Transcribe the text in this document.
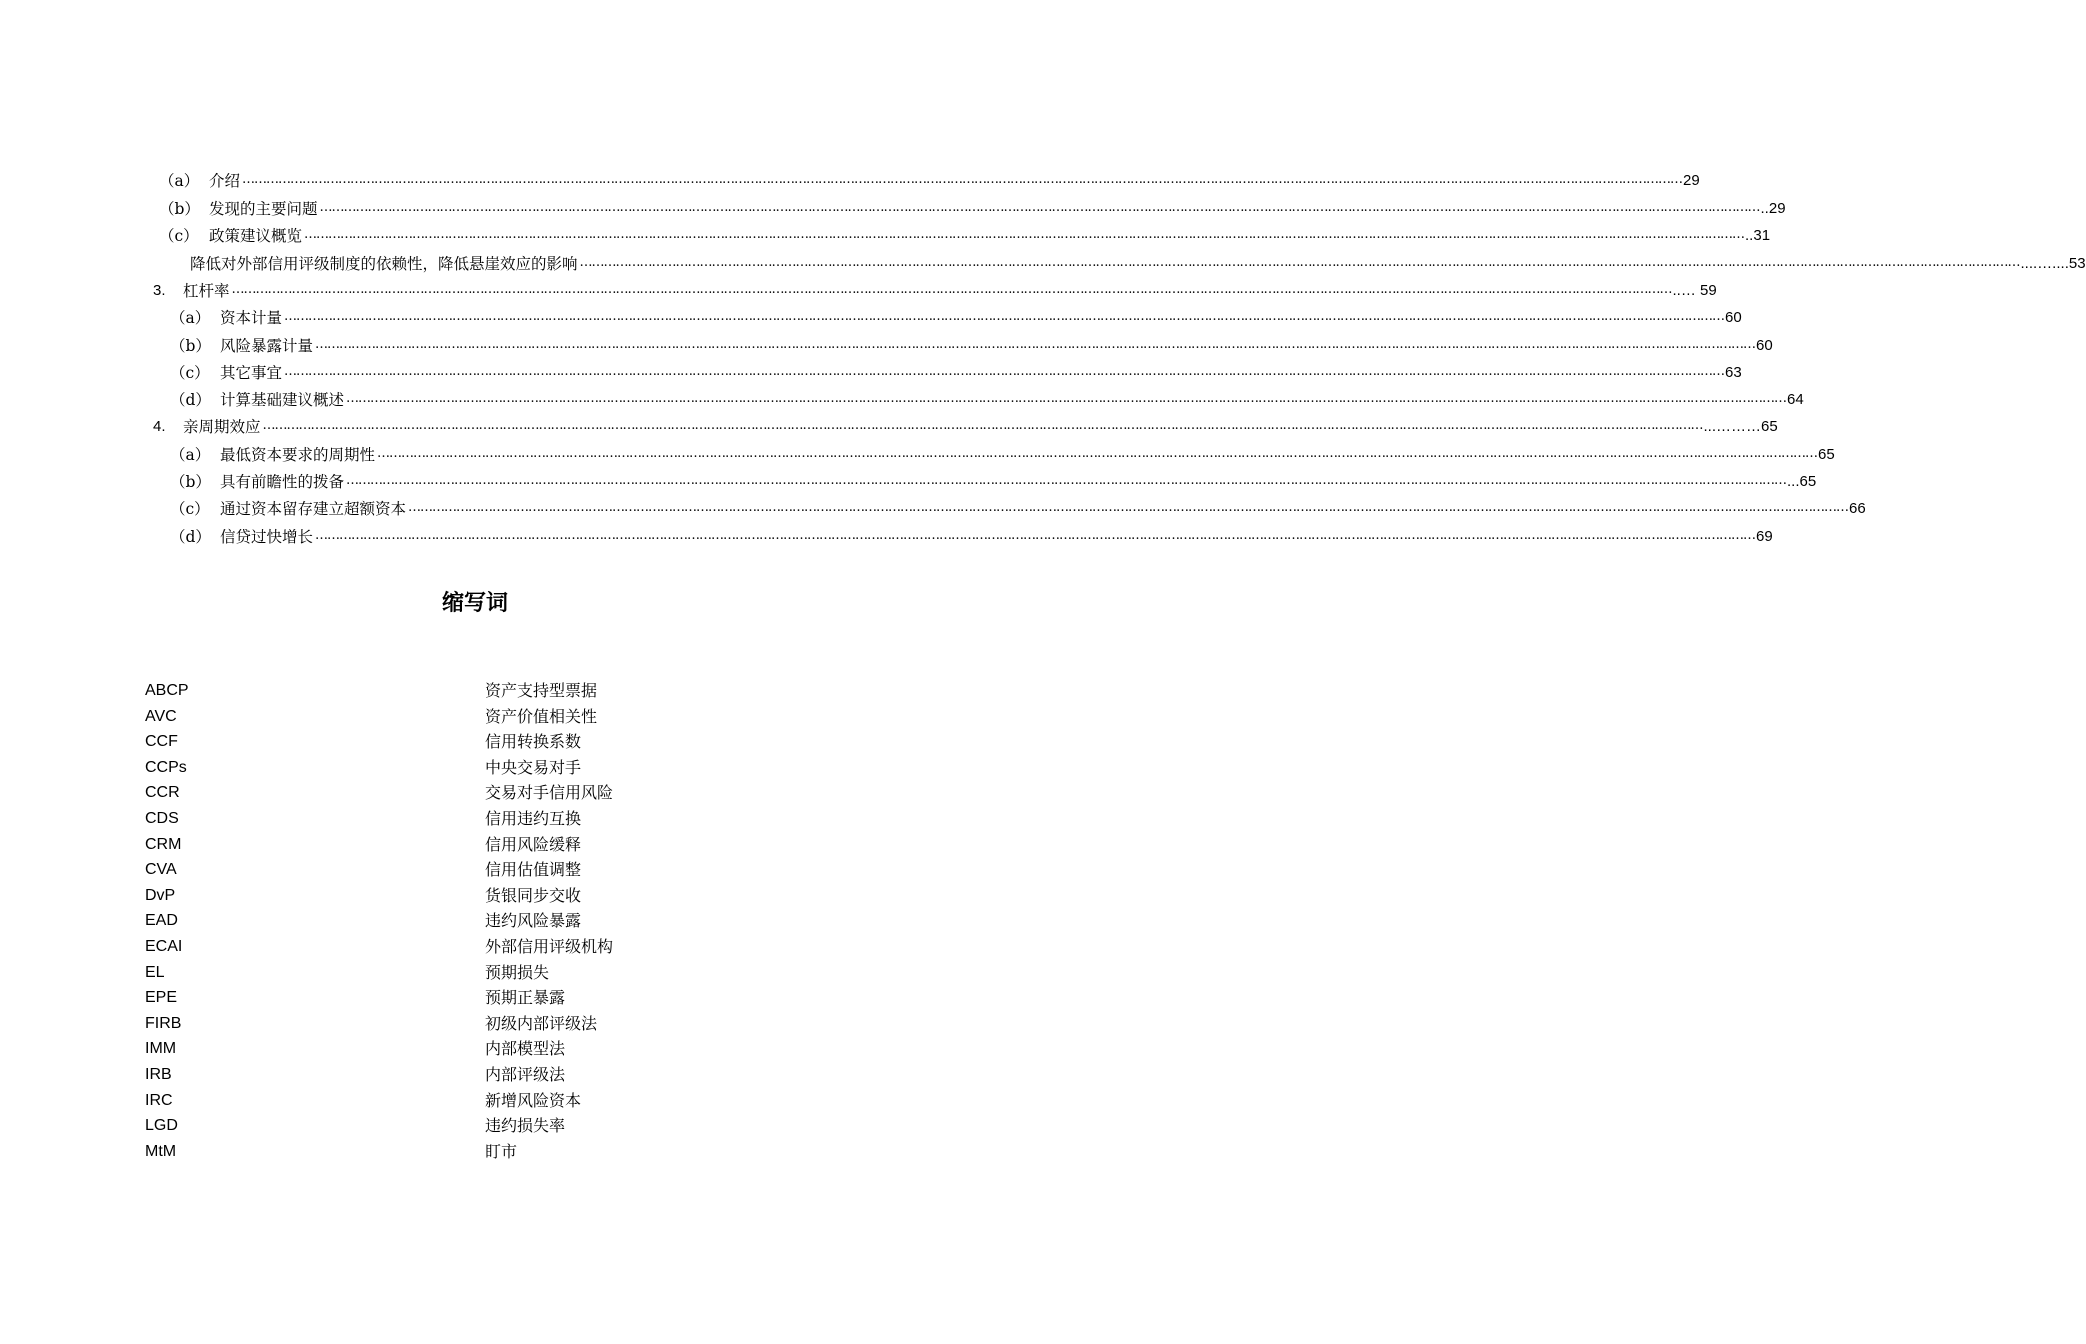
（a） 介绍 ……………………………………………………………………………………………………………………………………………………………………………………………………………………………………………………………………………………………………………………………… 29
（b） 发现的主要问题 ……………………………………………………………………………………………………………………………………………………………………………………………………………………………………………………………………………………………………………………………… ..29
（c） 政策建议概览 ……………………………………………………………………………………………………………………………………………………………………………………………………………………………………………………………………………………………………………………………… ..31
降低对外部信用评级制度的依赖性，降低悬崖效应的影响 ……………………………………………………………………………………………………………………………………………………………………………………………………………………………………………………………………………………………………………………………… ....…....53
3.	杠杆率 ……………………………………………………………………………………………………………………………………………………………………………………………………………………………………………………………………………………………………………………………… ..… 59
（a） 资本计量 ……………………………………………………………………………………………………………………………………………………………………………………………………………………………………………………………………………………………………………………………… 60
（b） 风险暴露计量 ……………………………………………………………………………………………………………………………………………………………………………………………………………………………………………………………………………………………………………………………… 60
（c） 其它事宜 ……………………………………………………………………………………………………………………………………………………………………………………………………………………………………………………………………………………………………………………………… 63
（d） 计算基础建议概述 ……………………………………………………………………………………………………………………………………………………………………………………………………………………………………………………………………………………………………………………………… 64
4.	亲周期效应 ……………………………………………………………………………………………………………………………………………………………………………………………………………………………………………………………………………………………………………………………… ...………65
（a） 最低资本要求的周期性 ……………………………………………………………………………………………………………………………………………………………………………………………………………………………………………………………………………………………………………………………… 65
（b） 具有前瞻性的拨备 ……………………………………………………………………………………………………………………………………………………………………………………………………………………………………………………………………………………………………………………………… ...65
（c） 通过资本留存建立超额资本 ……………………………………………………………………………………………………………………………………………………………………………………………………………………………………………………………………………………………………………………………… 66
（d） 信贷过快增长 ……………………………………………………………………………………………………………………………………………………………………………………………………………………………………………………………………………………………………………………………… 69
缩写词
ABCP	资产支持型票据
AVC	资产价值相关性
CCF	信用转换系数
CCPs	中央交易对手
CCR	交易对手信用风险
CDS	信用违约互换
CRM	信用风险缓释
CVA	信用估值调整
DvP	货银同步交收
EAD	违约风险暴露
ECAI	外部信用评级机构
EL	预期损失
EPE	预期正暴露
FIRB	初级内部评级法
IMM	内部模型法
IRB	内部评级法
IRC	新增风险资本
LGD	违约损失率
MtM	盯市
